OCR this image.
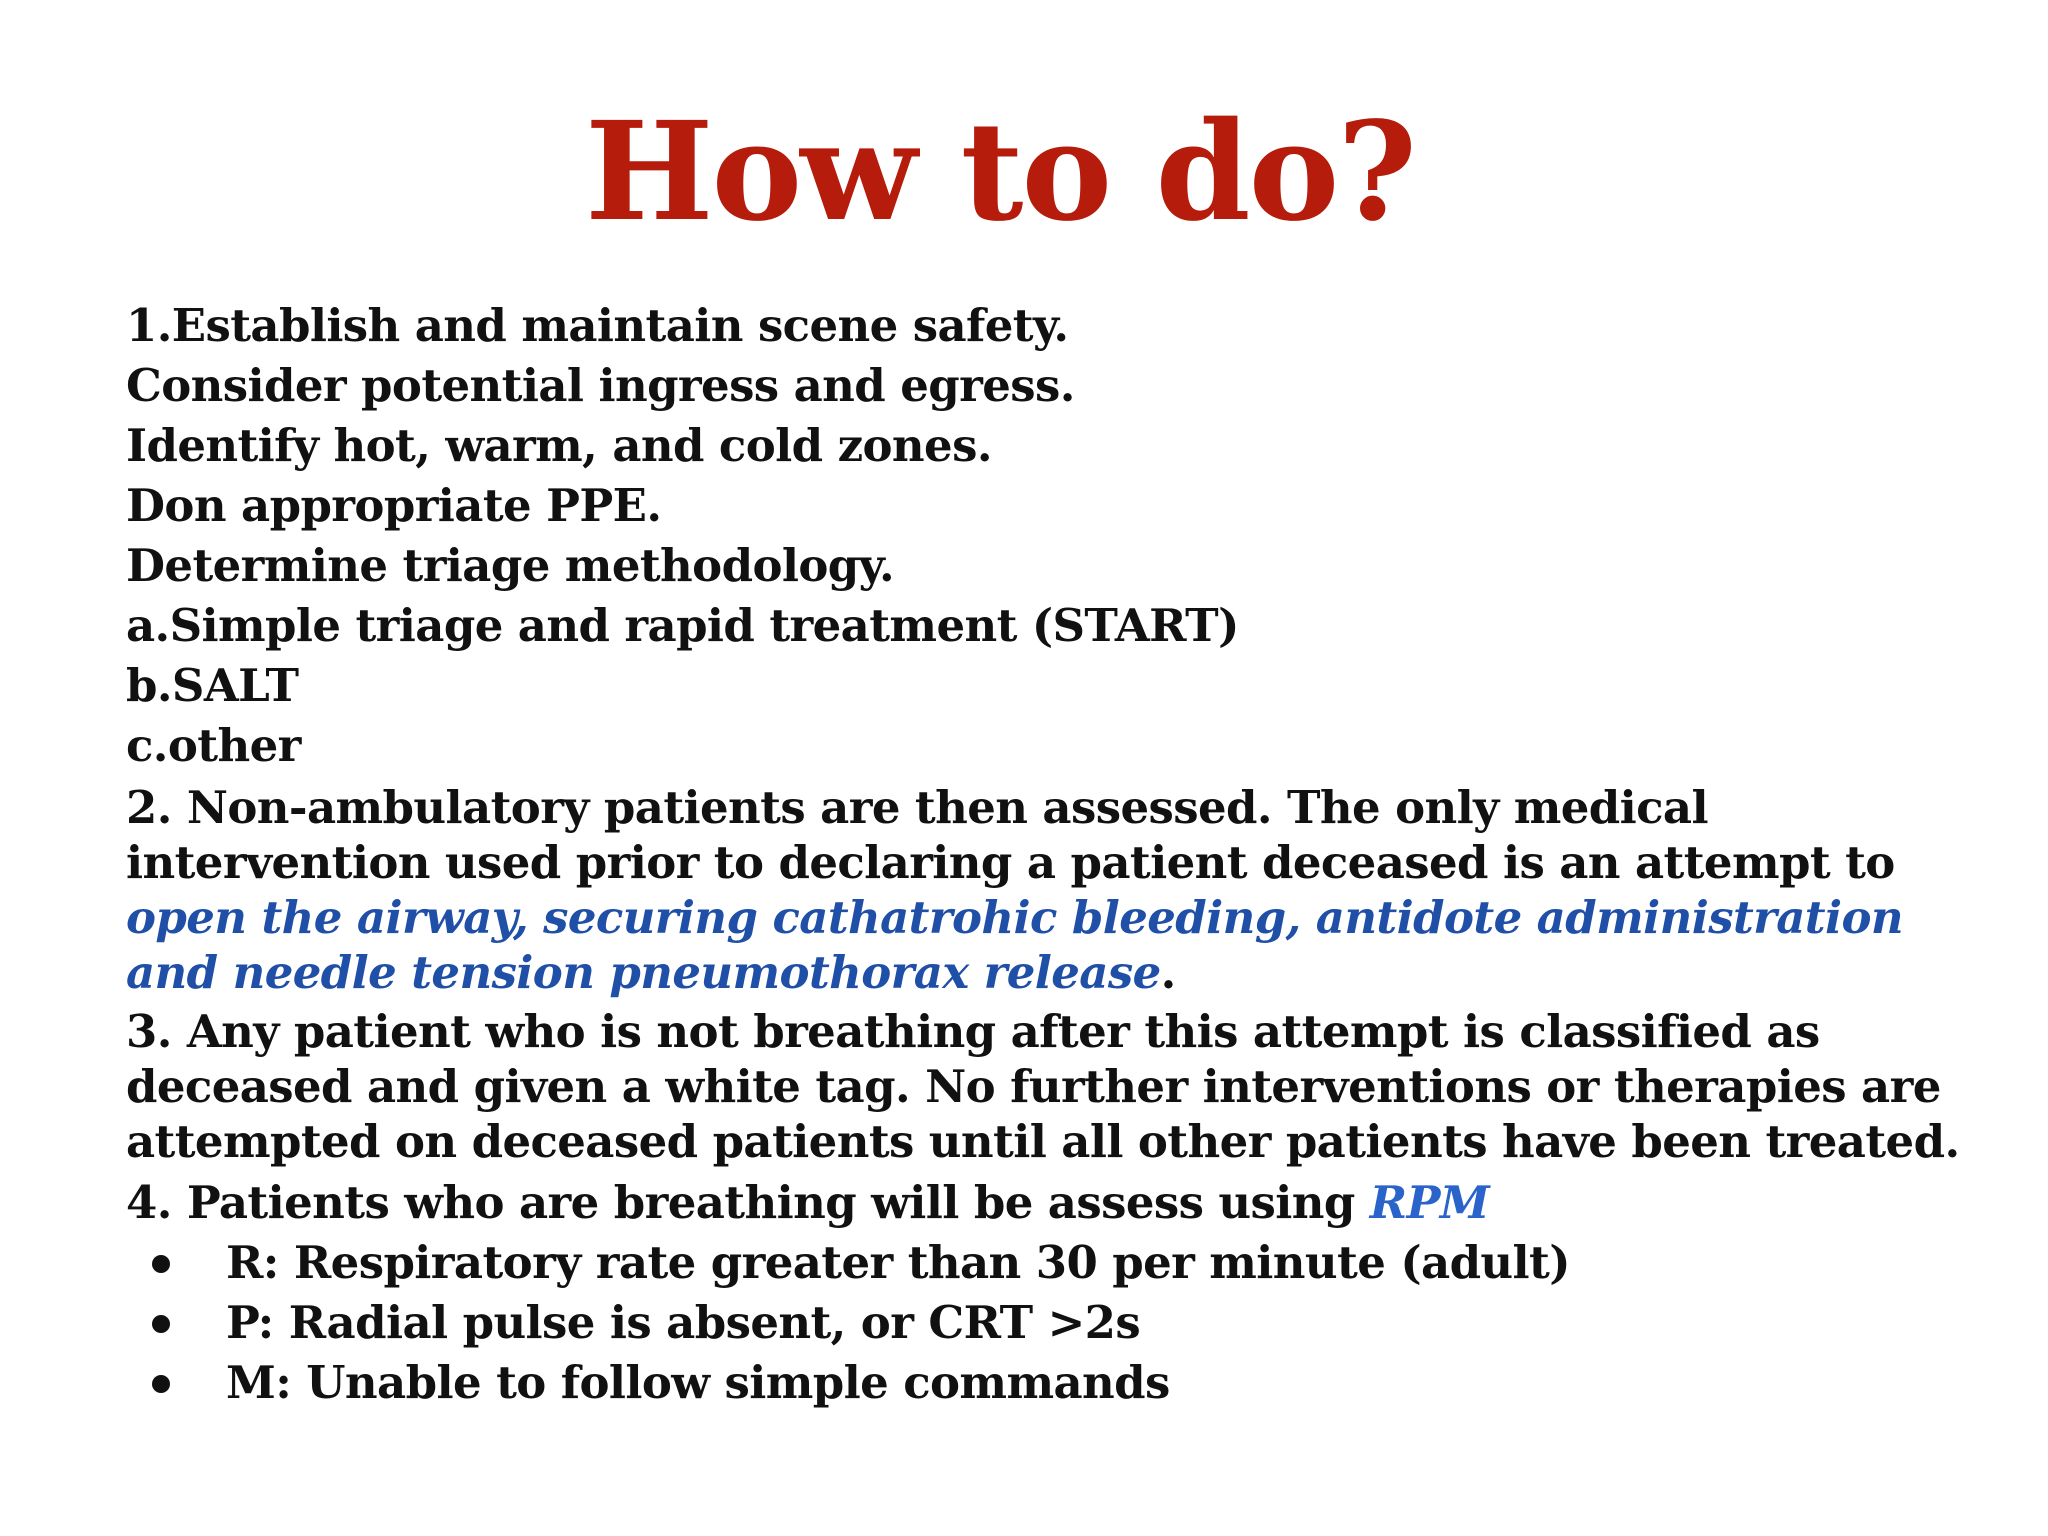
How to do?
1.Establish and maintain scene safety.
Consider potential ingress and egress.
Identify hot, warm, and cold zones.
Don appropriate PPE.
Determine triage methodology.
a.Simple triage and rapid treatment (START)
b.SALT
c.other
2. Non-ambulatory patients are then assessed. The only medical
intervention used prior to declaring a patient deceased is an attempt to
open the airway, securing cathatrohic bleeding, antidote administration
and needle tension pneumothorax release.
3. Any patient who is not breathing after this attempt is classified as
deceased and given a white tag. No further interventions or therapies are
attempted on deceased patients until all other patients have been treated.
4. Patients who are breathing will be assess using RPM
R: Respiratory rate greater than 30 per minute (adult)
P: Radial pulse is absent, or CRT >2s
M: Unable to follow simple commands
